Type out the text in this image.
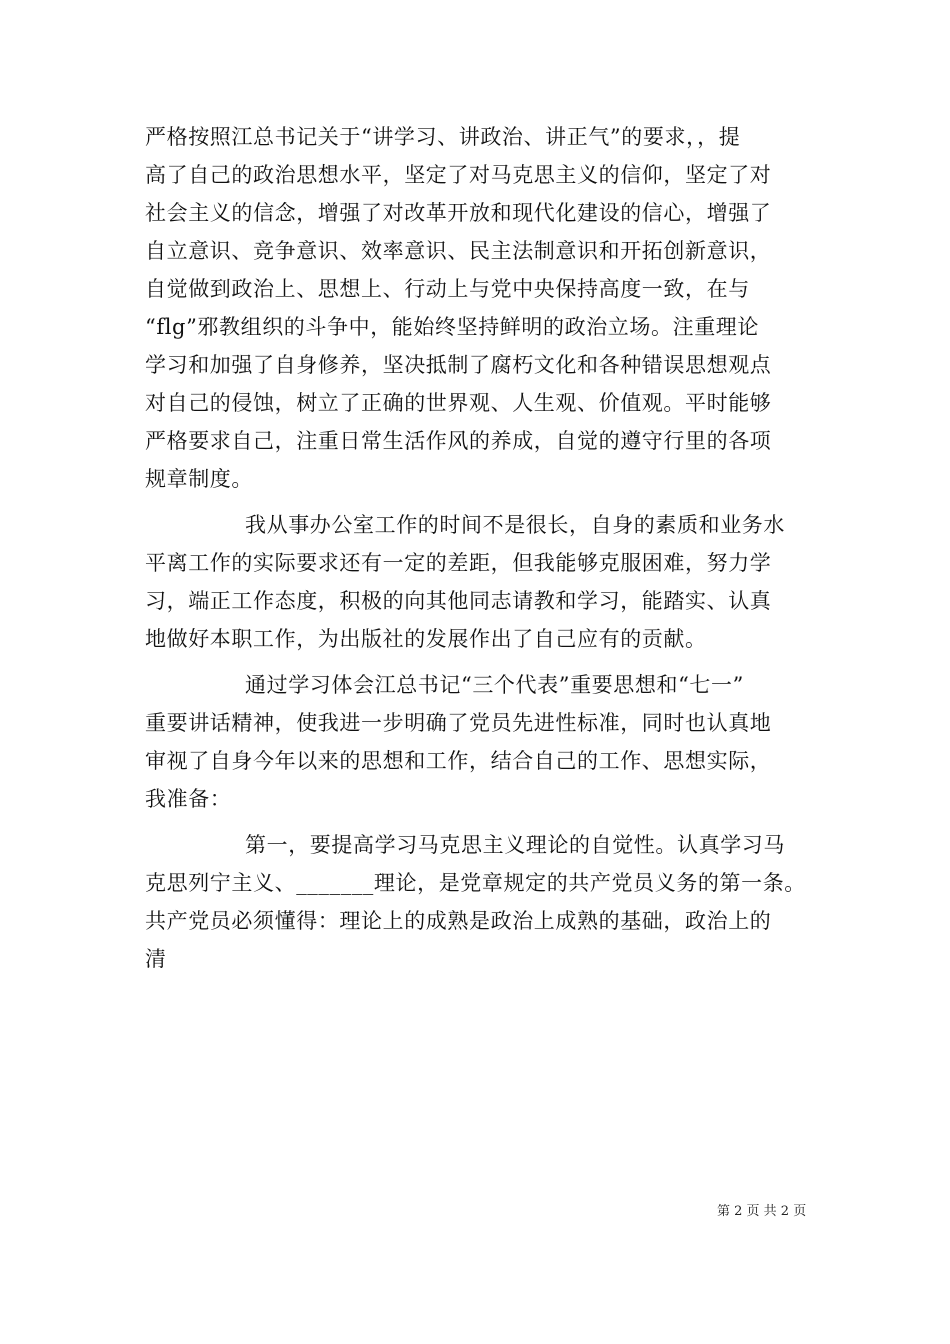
严格按照江总书记关于“讲学习、讲政治、讲正气”的要求，，提
高了自己的政治思想水平，坚定了对马克思主义的信仰，坚定了对
社会主义的信念，增强了对改革开放和现代化建设的信心，增强了
自立意识、竞争意识、效率意识、民主法制意识和开拓创新意识，
自觉做到政治上、思想上、行动上与党中央保持高度一致，在与
“flg”邪教组织的斗争中，能始终坚持鲜明的政治立场。注重理论
学习和加强了自身修养，坚决抵制了腐朽文化和各种错误思想观点
对自己的侵蚀，树立了正确的世界观、人生观、价值观。平时能够
严格要求自己，注重日常生活作风的养成，自觉的遵守行里的各项
规章制度。
我从事办公室工作的时间不是很长，自身的素质和业务水
平离工作的实际要求还有一定的差距，但我能够克服困难，努力学
习，端正工作态度，积极的向其他同志请教和学习，能踏实、认真
地做好本职工作，为出版社的发展作出了自己应有的贡献。
通过学习体会江总书记“三个代表”重要思想和“七一”
重要讲话精神，使我进一步明确了党员先进性标准，同时也认真地
审视了自身今年以来的思想和工作，结合自己的工作、思想实际，
我准备：
第一，要提高学习马克思主义理论的自觉性。认真学习马
克思列宁主义、_______理论，是党章规定的共产党员义务的第一条。
共产党员必须懂得：理论上的成熟是政治上成熟的基础，政治上的
清
第 2 页 共 2 页
